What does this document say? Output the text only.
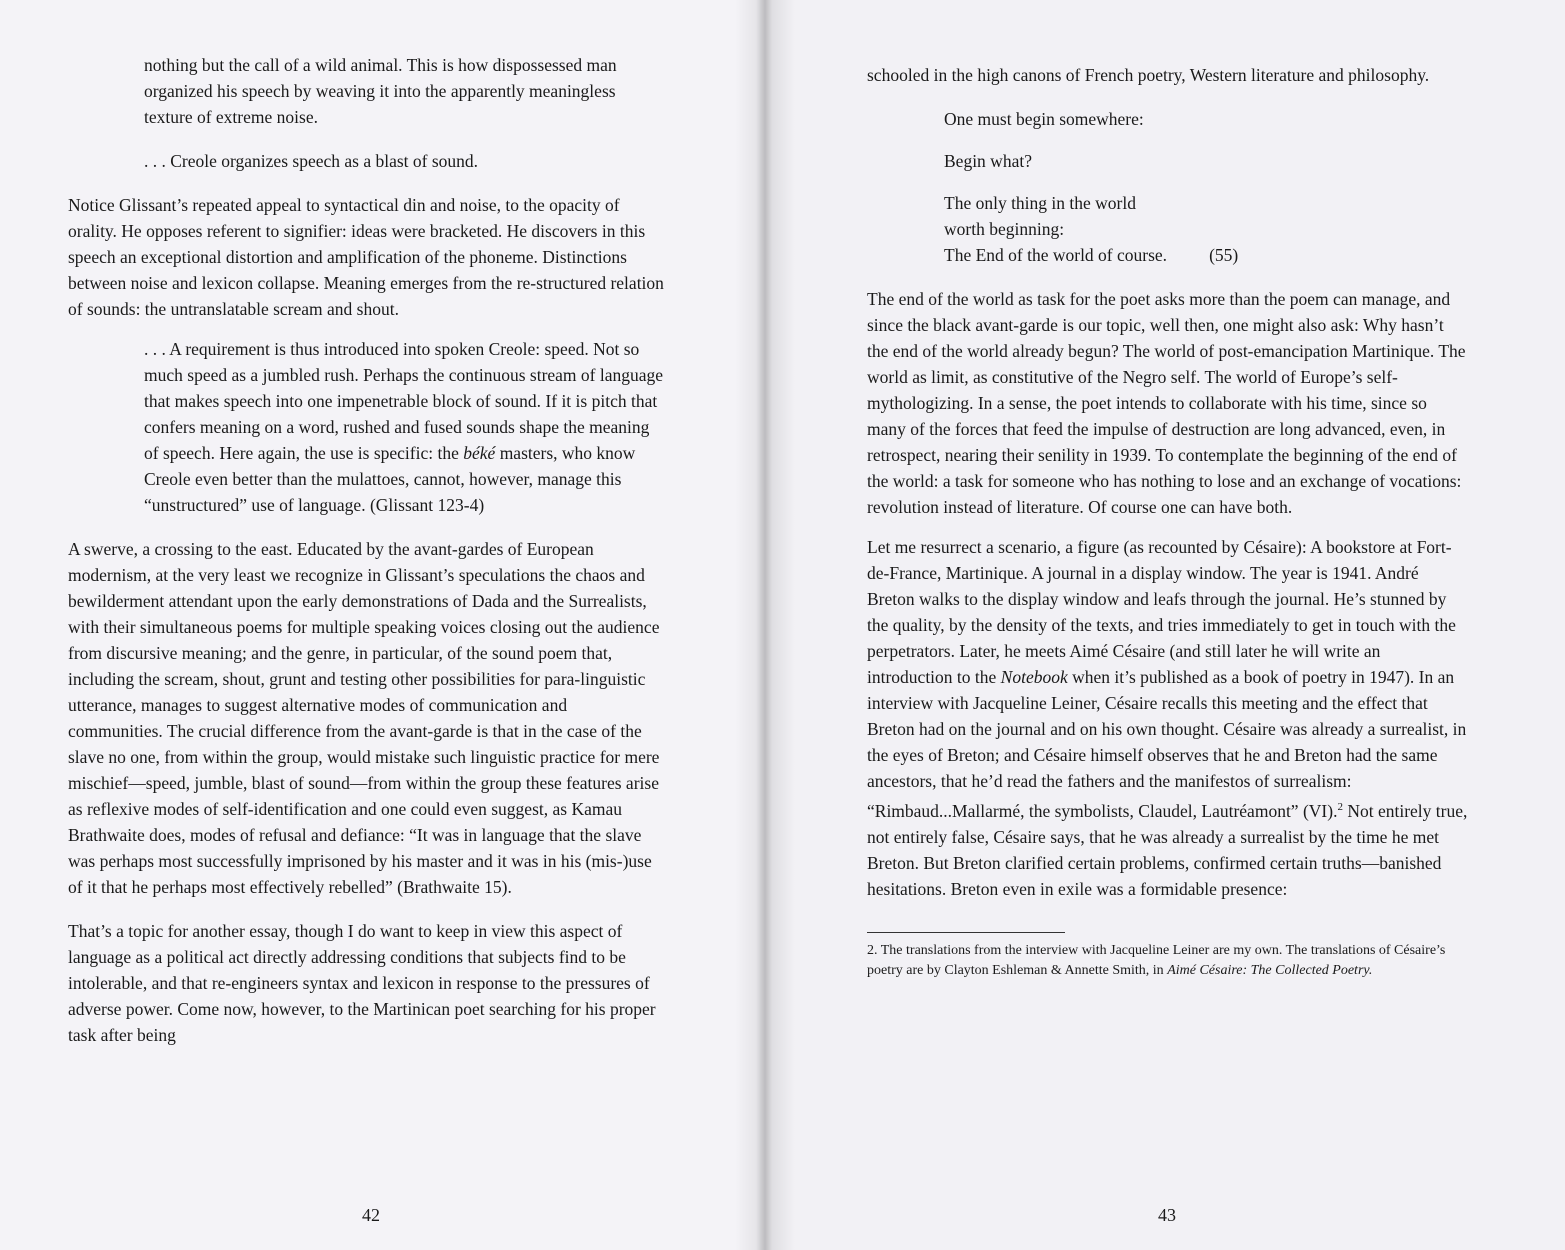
nothing but the call of a wild animal. This is how dispossessed man organized his speech by weaving it into the apparently meaningless texture of extreme noise.

. . . Creole organizes speech as a blast of sound.

Notice Glissant’s repeated appeal to syntactical din and noise, to the opacity of orality. He opposes referent to signifier: ideas were bracketed. He discovers in this speech an exceptional distortion and amplification of the phoneme. Distinctions between noise and lexicon collapse. Meaning emerges from the re-structured relation of sounds: the untranslatable scream and shout.

. . . A requirement is thus introduced into spoken Creole: speed. Not so much speed as a jumbled rush. Perhaps the continuous stream of language that makes speech into one impenetrable block of sound. If it is pitch that confers meaning on a word, rushed and fused sounds shape the meaning of speech. Here again, the use is specific: the béké masters, who know Creole even better than the mulattoes, cannot, however, manage this “unstructured” use of language. (Glissant 123-4)

A swerve, a crossing to the east. Educated by the avant-gardes of European modernism, at the very least we recognize in Glissant’s speculations the chaos and bewilderment attendant upon the early demonstrations of Dada and the Surrealists, with their simultaneous poems for multiple speaking voices closing out the audience from discursive meaning; and the genre, in particular, of the sound poem that, including the scream, shout, grunt and testing other possibilities for para-linguistic utterance, manages to suggest alternative modes of communication and communities. The crucial difference from the avant-garde is that in the case of the slave no one, from within the group, would mistake such linguistic practice for mere mischief—speed, jumble, blast of sound—from within the group these features arise as reflexive modes of self-identification and one could even suggest, as Kamau Brathwaite does, modes of refusal and defiance: “It was in language that the slave was perhaps most successfully imprisoned by his master and it was in his (mis-)use of it that he perhaps most effectively rebelled” (Brathwaite 15).

That’s a topic for another essay, though I do want to keep in view this aspect of language as a political act directly addressing conditions that subjects find to be intolerable, and that re-engineers syntax and lexicon in response to the pressures of adverse power. Come now, however, to the Martinican poet searching for his proper task after being

42

schooled in the high canons of French poetry, Western literature and philosophy.

One must begin somewhere:
Begin what?
The only thing in the world
worth beginning:
The End of the world of course. (55)

The end of the world as task for the poet asks more than the poem can manage, and since the black avant-garde is our topic, well then, one might also ask: Why hasn’t the end of the world already begun? The world of post-emancipation Martinique. The world as limit, as constitutive of the Negro self. The world of Europe’s self-mythologizing. In a sense, the poet intends to collaborate with his time, since so many of the forces that feed the impulse of destruction are long advanced, even, in retrospect, nearing their senility in 1939. To contemplate the beginning of the end of the world: a task for someone who has nothing to lose and an exchange of vocations: revolution instead of literature. Of course one can have both.

Let me resurrect a scenario, a figure (as recounted by Césaire): A bookstore at Fort-de-France, Martinique. A journal in a display window. The year is 1941. André Breton walks to the display window and leafs through the journal. He’s stunned by the quality, by the density of the texts, and tries immediately to get in touch with the perpetrators. Later, he meets Aimé Césaire (and still later he will write an introduction to the Notebook when it’s published as a book of poetry in 1947). In an interview with Jacqueline Leiner, Césaire recalls this meeting and the effect that Breton had on the journal and on his own thought. Césaire was already a surrealist, in the eyes of Breton; and Césaire himself observes that he and Breton had the same ancestors, that he’d read the fathers and the manifestos of surrealism: “Rimbaud...Mallarmé, the symbolists, Claudel, Lautréamont” (VI).$^2$ Not entirely true, not entirely false, Césaire says, that he was already a surrealist by the time he met Breton. But Breton clarified certain problems, confirmed certain truths—banished hesitations. Breton even in exile was a formidable presence:

2. The translations from the interview with Jacqueline Leiner are my own. The translations of Césaire’s poetry are by Clayton Eshleman & Annette Smith, in Aimé Césaire: The Collected Poetry.

43
